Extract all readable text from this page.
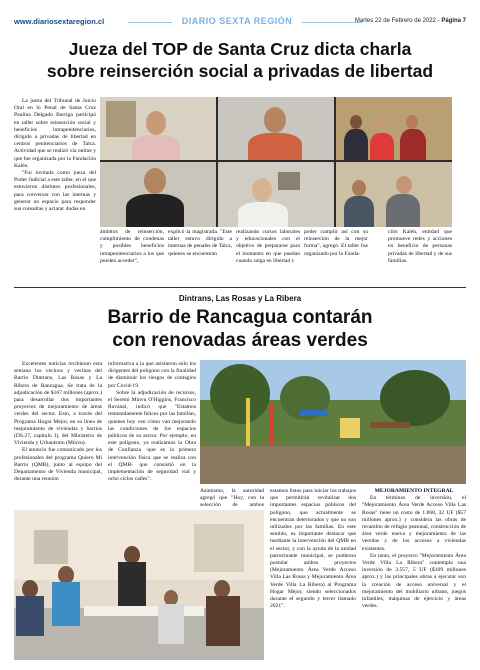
www.diariosextaregion.cl	DIARIO SEXTA REGIÓN	Martes 22 de Febrero de 2022 - Página 7
Jueza del TOP de Santa Cruz dicta charla
sobre reinserción social a privadas de libertad

La jueza del Tribunal de Juicio Oral en lo Penal de Santa Cruz Paulina Delgado Barriga participó en taller sobre reinserción social y beneficios intrapenitenciarios, dirigido a privadas de libertad en centros penitenciarios de Talca. Actividad que se realizó vía online y que fue organizada por la Fundación Kalén.

"Fui invitada como jueza del Poder Judicial a este taller, en el que estuvieron distintos profesionales, para conversar con las internas y generar un espacio para responder sus consultas y aclarar dudas en

ámbitos de reinserción, cumplimiento de condenas y posibles beneficios intrapenitenciarios a los que pueden acceder",
explicó la magistrada. "Este taller estuvo dirigido a internas de penales de Talca, quienes se encuentran
realizando cursos laborales y educacionales con el objetivo de prepararse para el momento en que puedan cuando salga en libertad y
poder cumplir así con su reinserción de la mejor forma", agregó. El taller fue organizado por la Funda-
ción Kalén, entidad que promueve redes y acciones en beneficio de personas privadas de libertad y de sus familias.
Dintrans, Las Rosas y La Ribera
Barrio de Rancagua contarán
con renovadas áreas verdes

Excelentes noticias recibieron esta semana los vecinos y vecinas del Barrio Dintrans, Las Rosas y La Ribera de Rancagua. Se trata de la adjudicación de $167 millones (aprox.) para desarrollar dos importantes proyectos de mejoramiento de áreas verdes del sector. Esto, a través del Programa Hogar Mejor, en su línea de mejoramiento de viviendas y barrios (DS.27, capítulo I), del Ministerio de Vivienda y Urbanismo (Minvu).

El anuncio fue comunicado por los profesionales del programa Quiero Mi Barrio (QMB), junto al equipo del Departamento de Vivienda municipal, durante una reunión

informativa a la que asistieron sólo los dirigentes del polígono con la finalidad de disminuir los riesgos de contagios por Covid-19.

Sobre la adjudicación de recursos, el Seremi Minvu O'Higgins, Francisco Ravanal, indicó que "Estamos tremendamente felices por las familias, quienes hoy ven cómo van mejorando las condiciones de los espacios públicos de su sector. Por ejemplo, en este polígono, ya realizamos la Obra de Confianza -que es la primera intervención física que se realiza con el QMB- que consistió en la implementación de seguridad vial y ocho ciclos calles".

Asimismo, la autoridad agregó que "Hoy, con la selección de ambos
estamos listos para iniciar los trabajos que permitirán revitalizar dos importantes espacios públicos del polígono, que actualmente se encuentran deteriorados y que no son utilizados por las familias. En este sentido, es importante destacar que mediante la intervención del QMB en el sector, y con la ayuda de la unidad patrocinante municipal, se pudieron postular ambos proyectos (Mejoramiento Área Verde Acceso Villa Las Rosas y Mejoramiento Área Verde Villa La Ribera) al Programa Hogar Mejor, siendo seleccionados durante el segundo y tercer llamado 2021".
MEJORAMIENTO INTEGRAL

En términos de inversión, el "Mejoramiento Área Verde Acceso Villa Las Rosas" tiene un costo de 1.868, 32 UF ($57 millones aprox.) y considera las obras de recambio de refugio peatonal, construcción de área verde nueva y mejoramiento de las veredas y de los accesos a viviendas existentes.

En tanto, el proyecto "Mejoramiento Área Verde Villa La Ribera" contempla una inversión de 3.557, 5 UF ($109 millones aprox.) y las principales obras a ejecutar son la creación de acceso universal y el mejoramiento del mobiliario urbano, juegos infantiles, máquinas de ejercicio y áreas verdes.
